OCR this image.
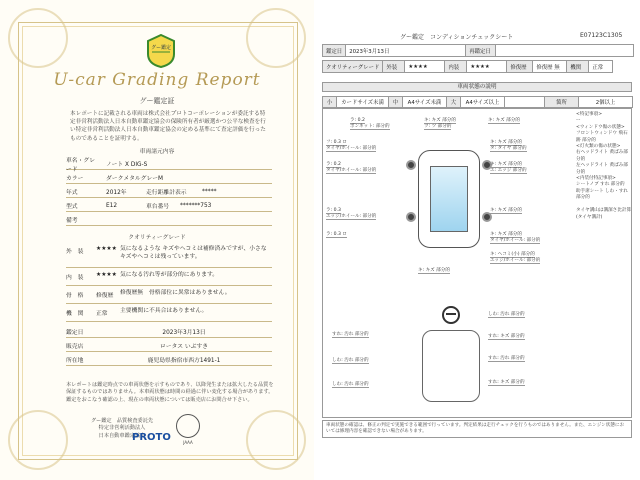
グー鑑定
U-car Grading Report
グー鑑定証
本レポートに記載される車両は株式会社プロトコーポレーションが委託する特定非営利活動法人日本自動車鑑定協会の保険所有者が厳選かつ公平な検査を行い特定非営利活動法人日本自動車鑑定協会の定める基準にて査定評価を行ったものであることを証明する。
車両諸元内容
車名・グレード
ノート X DIG-S
カラー	ダークメタルグレーM
年式	2012年	走行距離計表示	*****
型式	E12	車台番号	*******753
備考
クオリティーグレード
外　装	★★★★ 気になるような キズやヘコミは補修済みですが、小さなキズやヘコミは残っています。
内　装	★★★★ 気になる汚れ等が部分的にあります。
骨　格	修復歴	修復歴無　骨格部位に異常はありません。
機　関	正常	主要機関に不具合はありません。
鑑定日	2023年3月13日
販売店	ロータス いぶすき
所在地	鹿児島県指宿市西方1491-1
本レポートは鑑定時点での車両状態を示すものであり、以降発生または拡大したる品質を保証するものではありません。本車両状態は時間の経過に伴い変化する場合があります。鑑定をおこなう確認の上、現在の車両状態については販売店にお問合せ下さい。
グー鑑定　品質検査委託先
特定非営利活動法人
日本自動車鑑定協会
JAAA
PROTO
グー鑑定　コンディションチェックシート	E07123C1305
鑑定日	2023年3月13日	再鑑定日	
クオリティーグレード	外装	★★★★	内装	★★★★	修復歴	修復歴 無	機関	正常
車両状態の説明
小	カードサイズ未満	中	A4サイズ未満	大	A4サイズ以上		箇所	2個以上
ラ: 0.2
ボンネット: 部分的
キ: キズ 部分的
ツ: ツ 部分的
キ: キズ 部分的
フ: 0.3 ロ
タイヤ/ホイール: 部分的
キ: キズ 部分的
タ: タイヤ 部分的
ラ: 0.2
タイヤ/ホイール: 部分的
キ: キズ 部分的
エ: エッジ 部分的
ラ: 0.3
エッジ/ホイール: 部分的
キ: キズ 部分的
ラ: 0.3 ロ	キ: キズ 部分的
タイヤ/ホイール: 部分的
キ: ヘコミ(小) 部分的
エッジ/ホイール: 部分的
キ: キズ 部分的
すれ: 汚れ 部分的
しわ: 汚れ 部分的
すれ: キズ 部分的
しわ: 汚れ 部分的	すれ: 汚れ 部分的
しわ: 汚れ 部分的	すれ: キズ 部分的
<特記事項>
ー
<ウィンドウ傷の状態>
フロントウィンドウ 飛石跡 部分的
<灯火類の傷の状態>
右ヘッドライト 黄ばみ部分的
左ヘッドライト 黄ばみ部分的
<内装付特記事項>
シートノブ すれ 部分的
助手席シート しわ・すれ 部分的

タイヤ溝山は溝深さ比計算
(タイヤ溝計)
車両状態の確認は、修正の判定で実施できる範囲で行っています。判定結果は走行チェックを行うものではありません。また、エンジン状態においては修理内容を確認できない場合があります。
